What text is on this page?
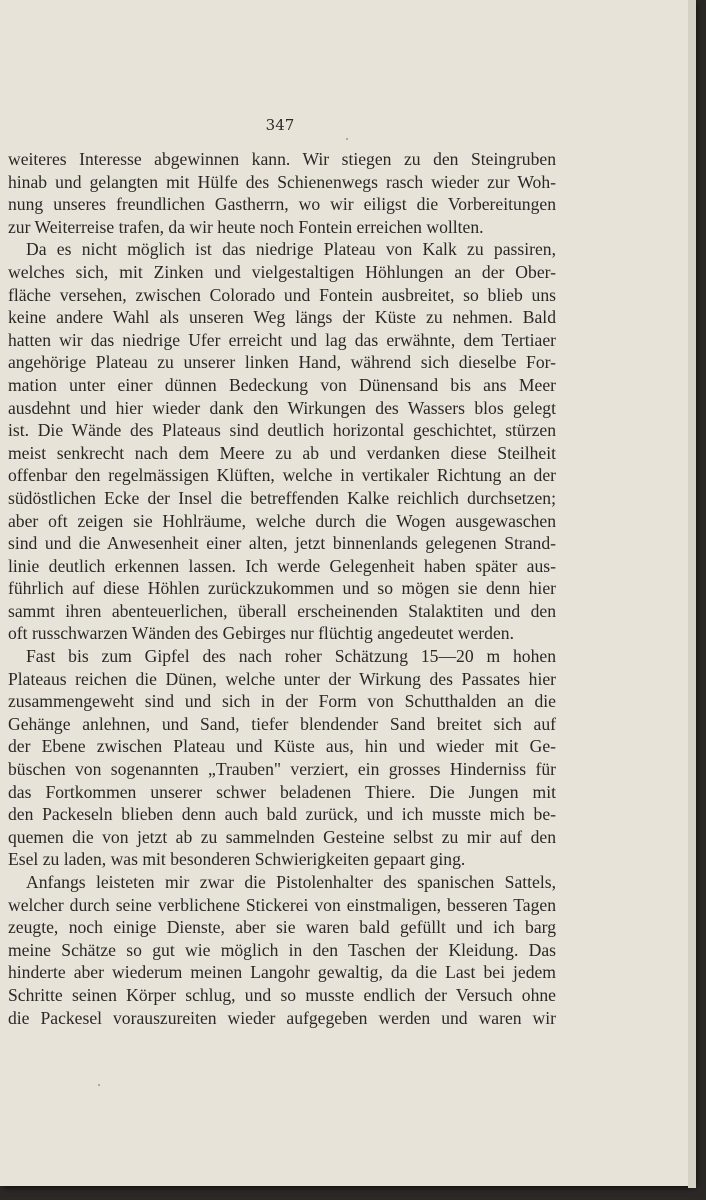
347
weiteres Interesse abgewinnen kann. Wir stiegen zu den Steingruben
hinab und gelangten mit Hülfe des Schienenwegs rasch wieder zur Woh-
nung unseres freundlichen Gastherrn, wo wir eiligst die Vorbereitungen
zur Weiterreise trafen, da wir heute noch Fontein erreichen wollten.
Da es nicht möglich ist das niedrige Plateau von Kalk zu passiren,
welches sich, mit Zinken und vielgestaltigen Höhlungen an der Ober-
fläche versehen, zwischen Colorado und Fontein ausbreitet, so blieb uns
keine andere Wahl als unseren Weg längs der Küste zu nehmen. Bald
hatten wir das niedrige Ufer erreicht und lag das erwähnte, dem Tertiaer
angehörige Plateau zu unserer linken Hand, während sich dieselbe For-
mation unter einer dünnen Bedeckung von Dünensand bis ans Meer
ausdehnt und hier wieder dank den Wirkungen des Wassers blos gelegt
ist. Die Wände des Plateaus sind deutlich horizontal geschichtet, stürzen
meist senkrecht nach dem Meere zu ab und verdanken diese Steilheit
offenbar den regelmässigen Klüften, welche in vertikaler Richtung an der
südöstlichen Ecke der Insel die betreffenden Kalke reichlich durchsetzen;
aber oft zeigen sie Hohlräume, welche durch die Wogen ausgewaschen
sind und die Anwesenheit einer alten, jetzt binnenlands gelegenen Strand-
linie deutlich erkennen lassen. Ich werde Gelegenheit haben später aus-
führlich auf diese Höhlen zurückzukommen und so mögen sie denn hier
sammt ihren abenteuerlichen, überall erscheinenden Stalaktiten und den
oft russchwarzen Wänden des Gebirges nur flüchtig angedeutet werden.
Fast bis zum Gipfel des nach roher Schätzung 15—20 m hohen
Plateaus reichen die Dünen, welche unter der Wirkung des Passates hier
zusammengeweht sind und sich in der Form von Schutthalden an die
Gehänge anlehnen, und Sand, tiefer blendender Sand breitet sich auf
der Ebene zwischen Plateau und Küste aus, hin und wieder mit Ge-
büschen von sogenannten „Trauben" verziert, ein grosses Hinderniss für
das Fortkommen unserer schwer beladenen Thiere. Die Jungen mit
den Packeseln blieben denn auch bald zurück, und ich musste mich be-
quemen die von jetzt ab zu sammelnden Gesteine selbst zu mir auf den
Esel zu laden, was mit besonderen Schwierigkeiten gepaart ging.
Anfangs leisteten mir zwar die Pistolenhalter des spanischen Sattels,
welcher durch seine verblichene Stickerei von einstmaligen, besseren Tagen
zeugte, noch einige Dienste, aber sie waren bald gefüllt und ich barg
meine Schätze so gut wie möglich in den Taschen der Kleidung. Das
hinderte aber wiederum meinen Langohr gewaltig, da die Last bei jedem
Schritte seinen Körper schlug, und so musste endlich der Versuch ohne
die Packesel vorauszureiten wieder aufgegeben werden und waren wir
